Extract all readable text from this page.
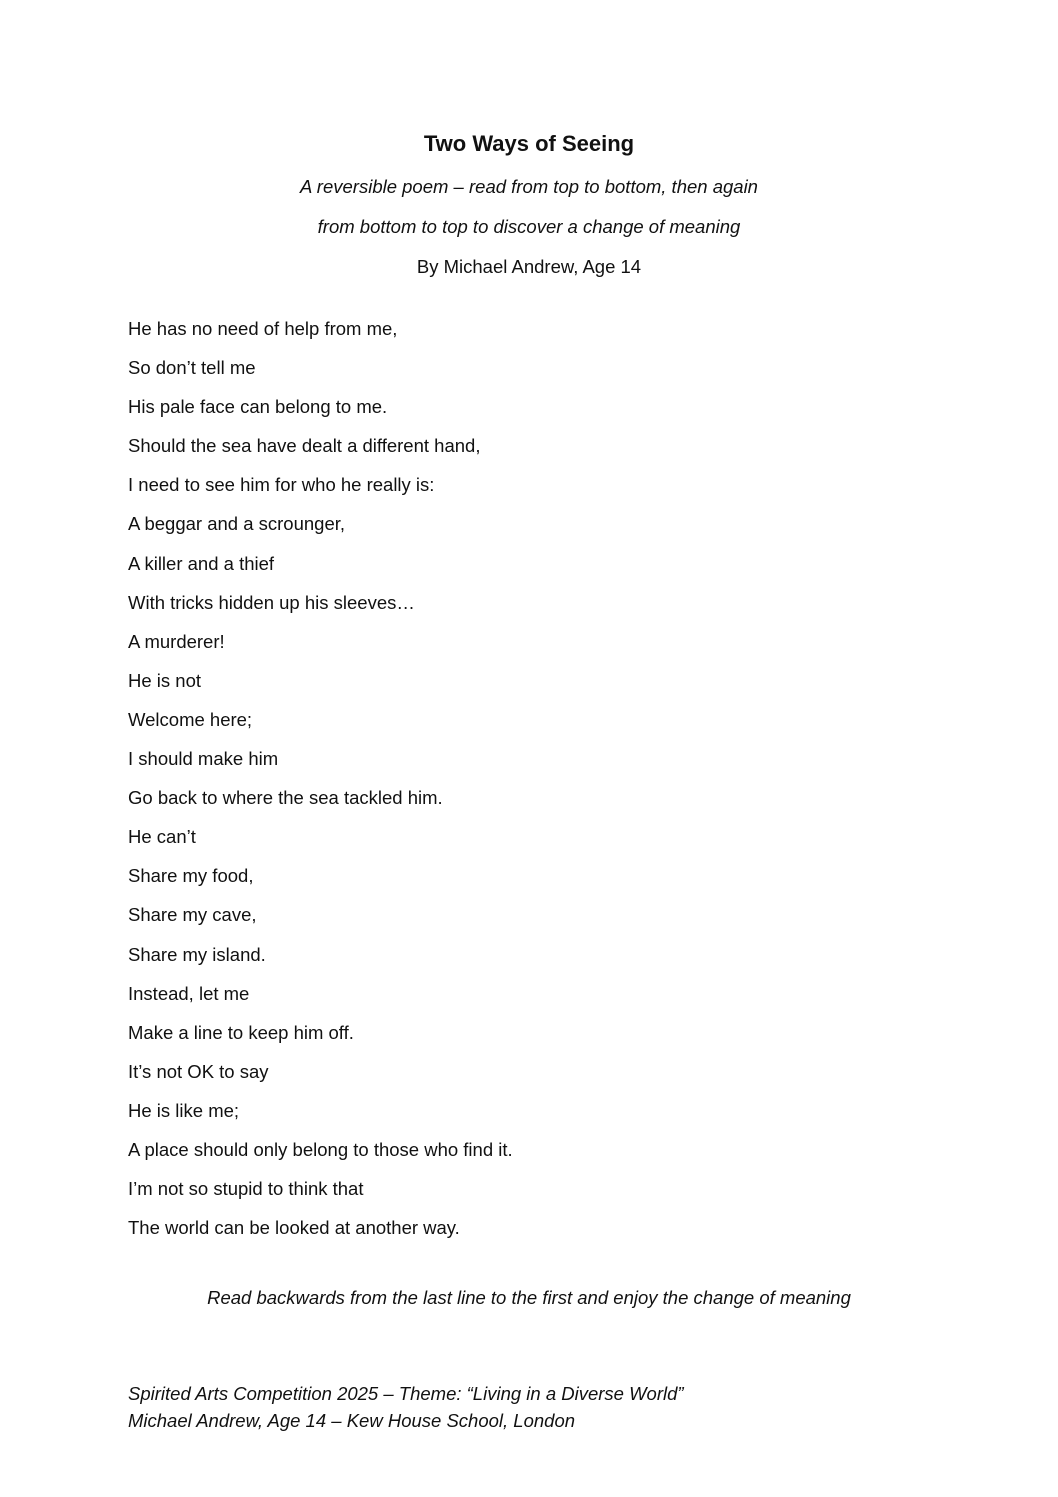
Two Ways of Seeing
A reversible poem – read from top to bottom, then again
from bottom to top to discover a change of meaning
By Michael Andrew, Age 14
He has no need of help from me,
So don’t tell me
His pale face can belong to me.
Should the sea have dealt a different hand,
I need to see him for who he really is:
A beggar and a scrounger,
A killer and a thief
With tricks hidden up his sleeves…
A murderer!
He is not
Welcome here;
I should make him
Go back to where the sea tackled him.
He can’t
Share my food,
Share my cave,
Share my island.
Instead, let me
Make a line to keep him off.
It’s not OK to say
He is like me;
A place should only belong to those who find it.
I’m not so stupid to think that
The world can be looked at another way.
Read backwards from the last line to the first and enjoy the change of meaning
Spirited Arts Competition 2025 – Theme: “Living in a Diverse World”
Michael Andrew, Age 14 – Kew House School, London
